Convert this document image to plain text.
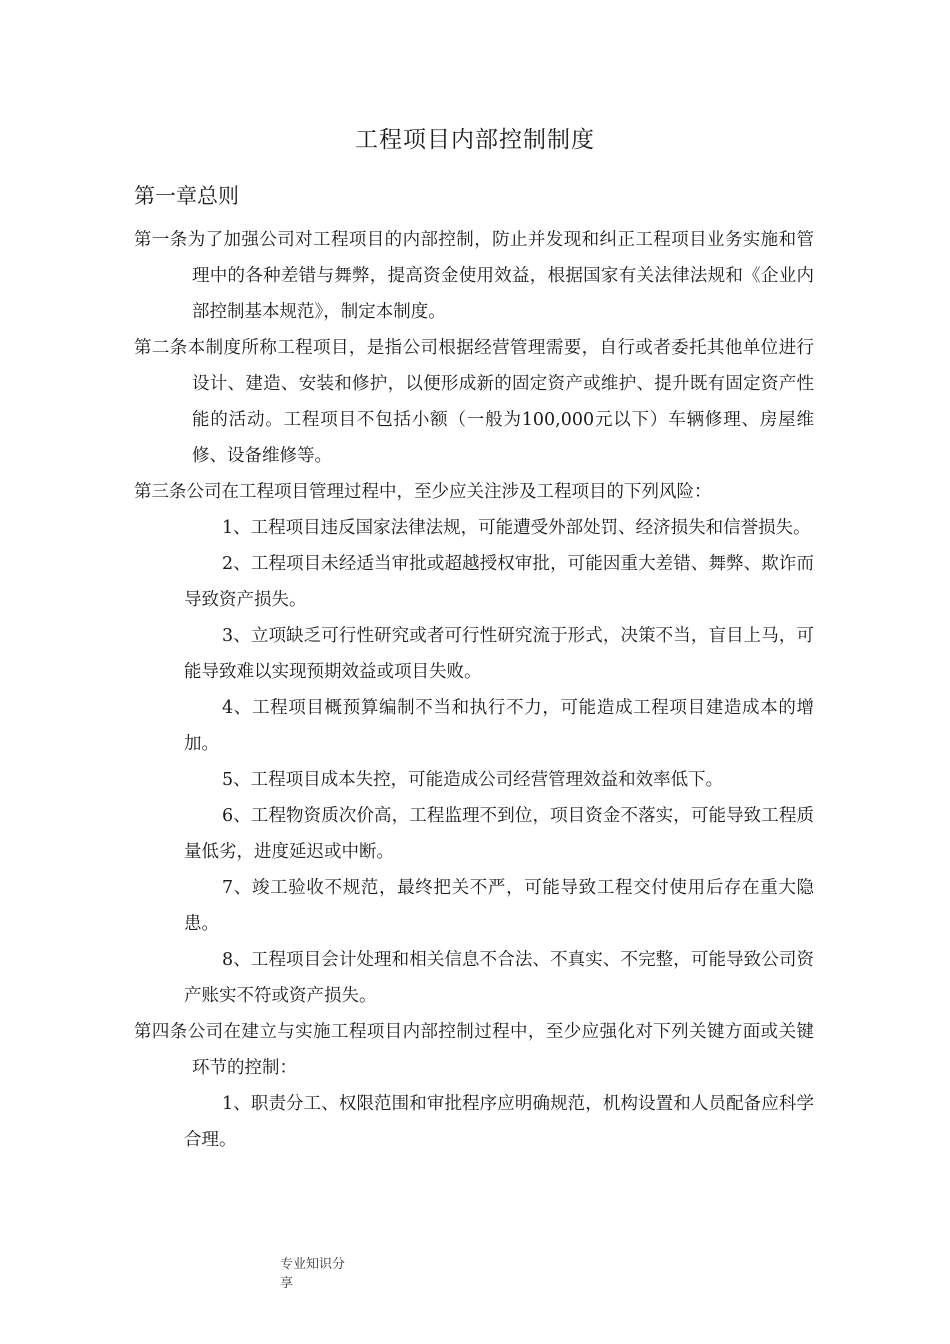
工程项目内部控制制度
第一章总则

第一条为了加强公司对工程项目的内部控制，防止并发现和纠正工程项目业务实施和管理中的各种差错与舞弊，提高资金使用效益，根据国家有关法律法规和《企业内部控制基本规范》，制定本制度。

第二条本制度所称工程项目，是指公司根据经营管理需要，自行或者委托其他单位进行设计、建造、安装和修护，以便形成新的固定资产或维护、提升既有固定资产性能的活动。工程项目不包括小额（一般为100,000元以下）车辆修理、房屋维修、设备维修等。

第三条公司在工程项目管理过程中，至少应关注涉及工程项目的下列风险：

1、工程项目违反国家法律法规，可能遭受外部处罚、经济损失和信誉损失。

2、工程项目未经适当审批或超越授权审批，可能因重大差错、舞弊、欺诈而导致资产损失。

3、立项缺乏可行性研究或者可行性研究流于形式，决策不当，盲目上马，可能导致难以实现预期效益或项目失败。

4、工程项目概预算编制不当和执行不力，可能造成工程项目建造成本的增加。

5、工程项目成本失控，可能造成公司经营管理效益和效率低下。

6、工程物资质次价高，工程监理不到位，项目资金不落实，可能导致工程质量低劣，进度延迟或中断。

7、竣工验收不规范，最终把关不严，可能导致工程交付使用后存在重大隐患。

8、工程项目会计处理和相关信息不合法、不真实、不完整，可能导致公司资产账实不符或资产损失。

第四条公司在建立与实施工程项目内部控制过程中，至少应强化对下列关键方面或关键环节的控制：

1、职责分工、权限范围和审批程序应明确规范，机构设置和人员配备应科学合理。

专业知识分享
